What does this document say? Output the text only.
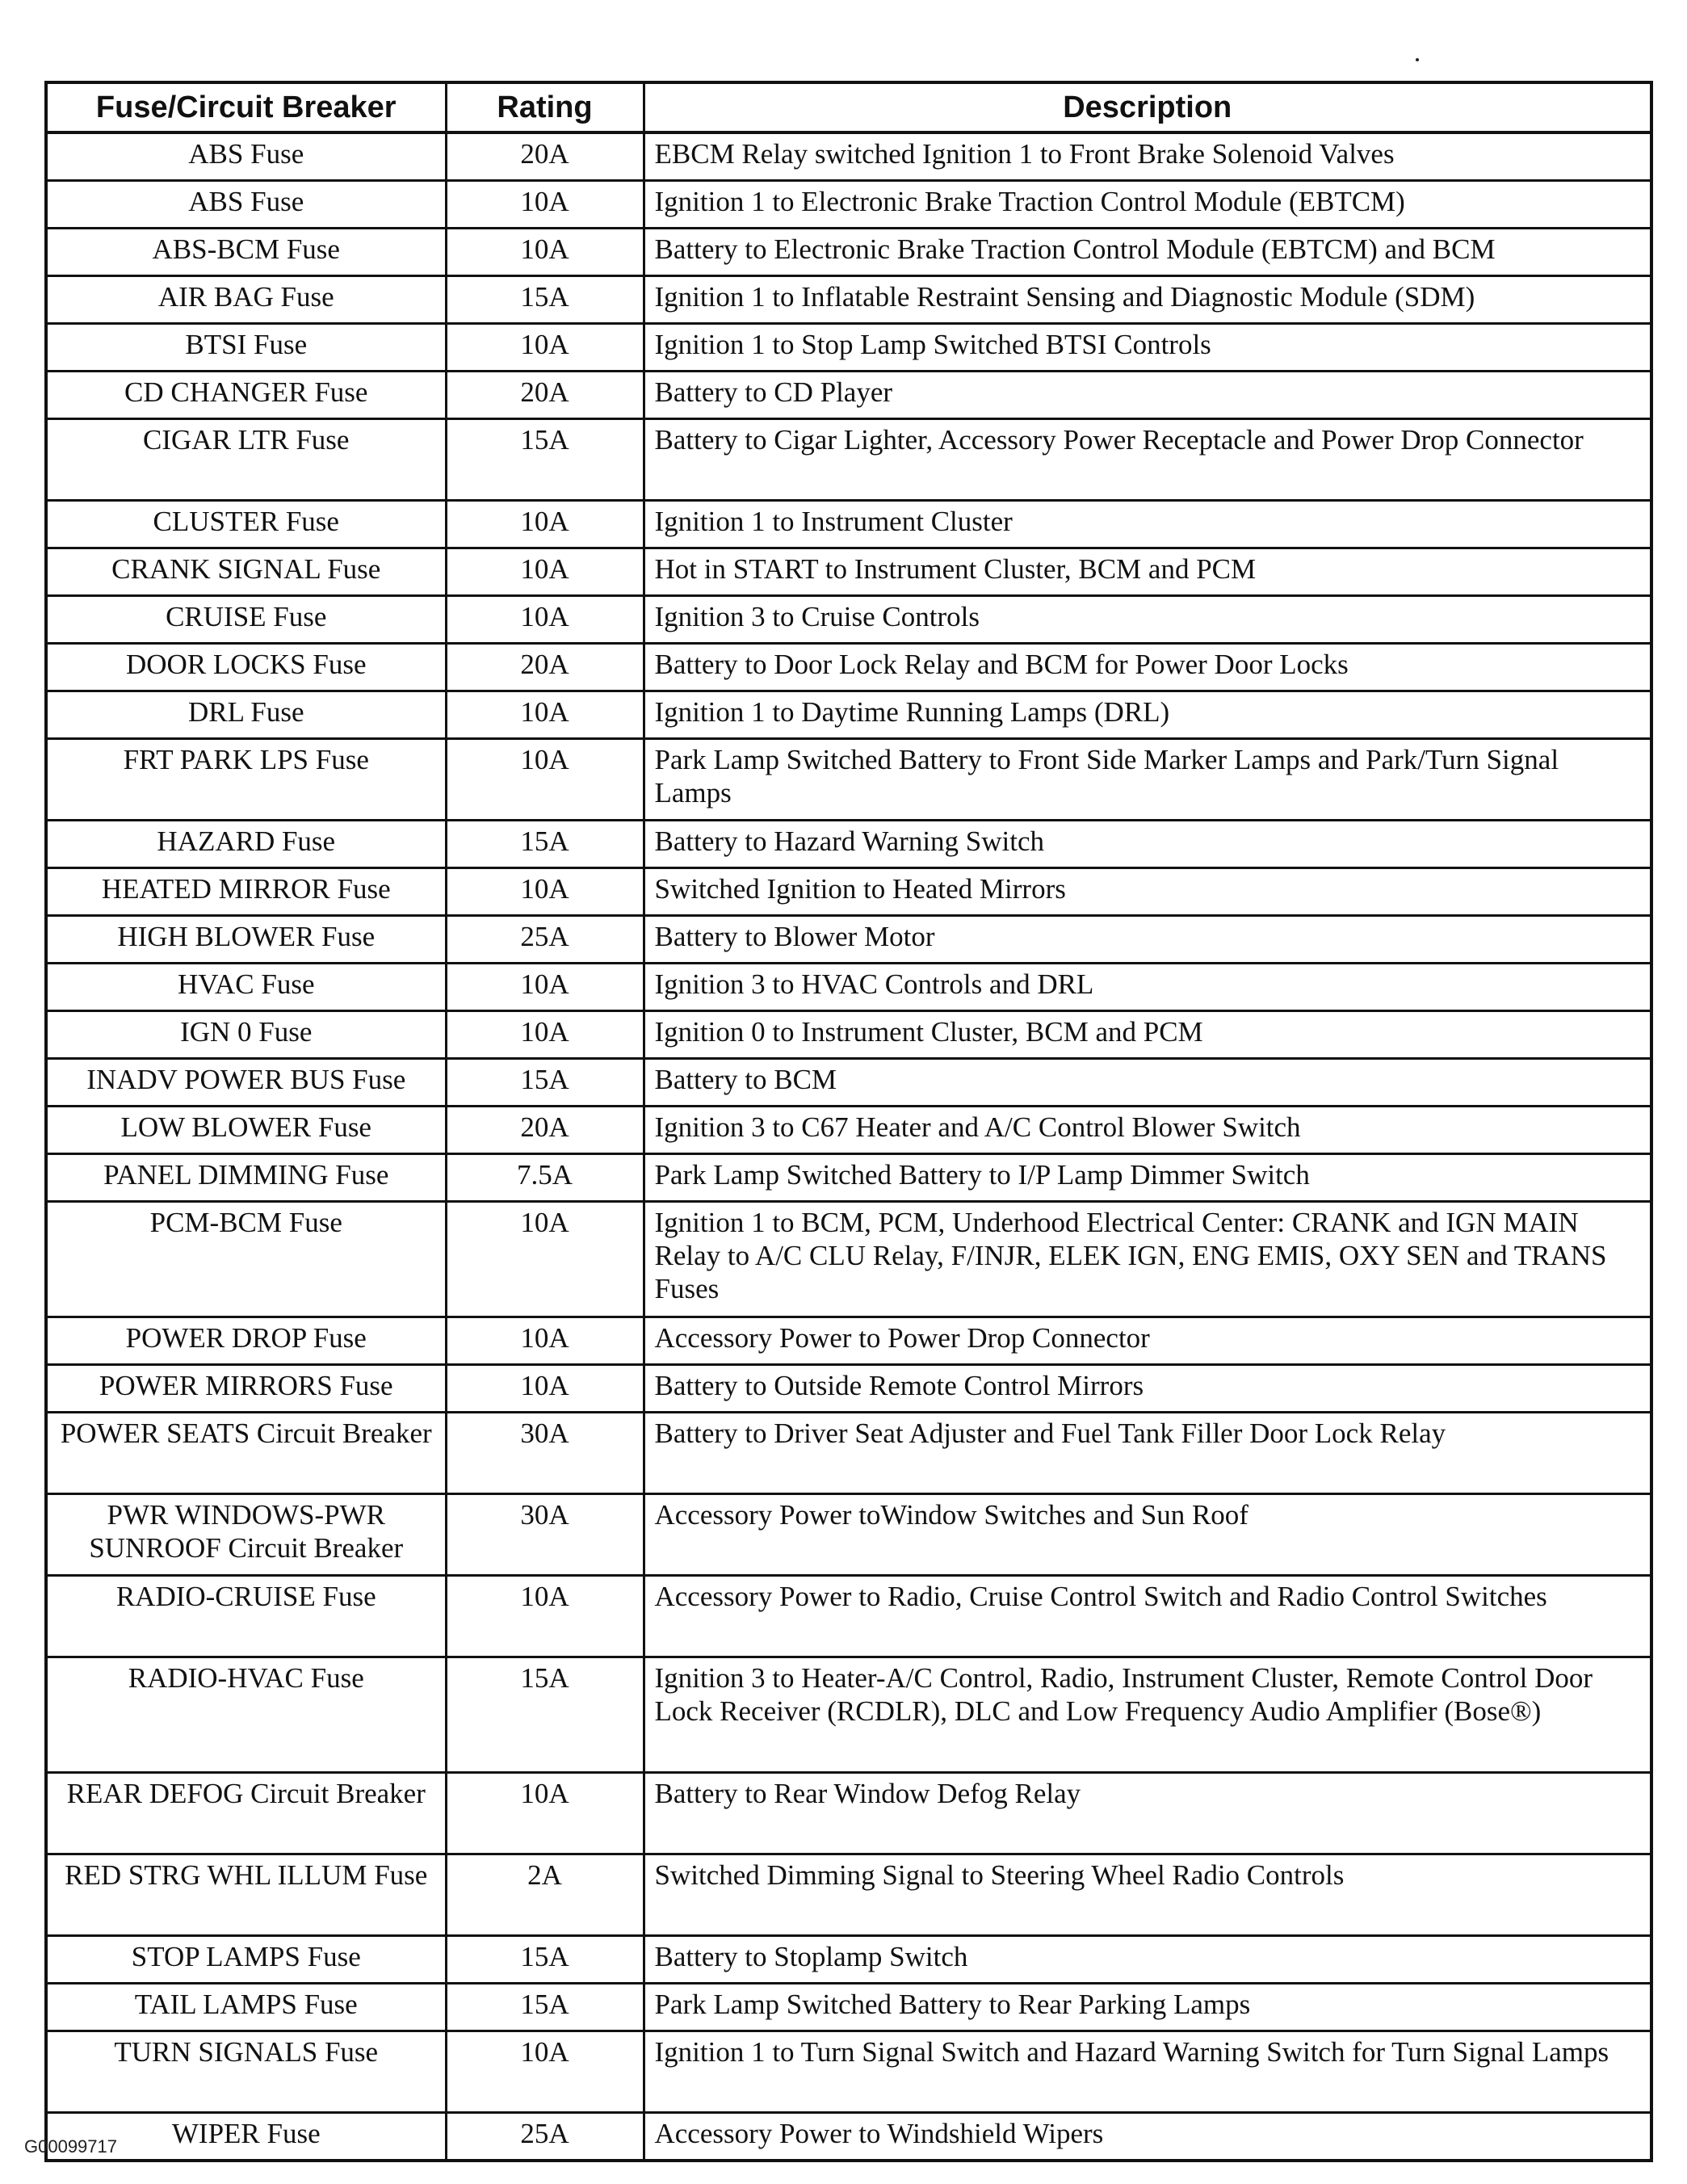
Fuse/Circuit Breaker	Rating	Description
ABS Fuse	20A	EBCM Relay switched Ignition 1 to Front Brake Solenoid Valves
ABS Fuse	10A	Ignition 1 to Electronic Brake Traction Control Module (EBTCM)
ABS-BCM Fuse	10A	Battery to Electronic Brake Traction Control Module (EBTCM) and BCM
AIR BAG Fuse	15A	Ignition 1 to Inflatable Restraint Sensing and Diagnostic Module (SDM)
BTSI Fuse	10A	Ignition 1 to Stop Lamp Switched BTSI Controls
CD CHANGER Fuse	20A	Battery to CD Player
CIGAR LTR Fuse	15A	Battery to Cigar Lighter, Accessory Power Receptacle and Power Drop Connector
CLUSTER Fuse	10A	Ignition 1 to Instrument Cluster
CRANK SIGNAL Fuse	10A	Hot in START to Instrument Cluster, BCM and PCM
CRUISE Fuse	10A	Ignition 3 to Cruise Controls
DOOR LOCKS Fuse	20A	Battery to Door Lock Relay and BCM for Power Door Locks
DRL Fuse	10A	Ignition 1 to Daytime Running Lamps (DRL)
FRT PARK LPS Fuse	10A	Park Lamp Switched Battery to Front Side Marker Lamps and Park/Turn Signal Lamps
HAZARD Fuse	15A	Battery to Hazard Warning Switch
HEATED MIRROR Fuse	10A	Switched Ignition to Heated Mirrors
HIGH BLOWER Fuse	25A	Battery to Blower Motor
HVAC Fuse	10A	Ignition 3 to HVAC Controls and DRL
IGN 0 Fuse	10A	Ignition 0 to Instrument Cluster, BCM and PCM
INADV POWER BUS Fuse	15A	Battery to BCM
LOW BLOWER Fuse	20A	Ignition 3 to C67 Heater and A/C Control Blower Switch
PANEL DIMMING Fuse	7.5A	Park Lamp Switched Battery to I/P Lamp Dimmer Switch
PCM-BCM Fuse	10A	Ignition 1 to BCM, PCM, Underhood Electrical Center: CRANK and IGN MAIN Relay to A/C CLU Relay, F/INJR, ELEK IGN, ENG EMIS, OXY SEN and TRANS Fuses
POWER DROP Fuse	10A	Accessory Power to Power Drop Connector
POWER MIRRORS Fuse	10A	Battery to Outside Remote Control Mirrors
POWER SEATS Circuit Breaker	30A	Battery to Driver Seat Adjuster and Fuel Tank Filler Door Lock Relay
PWR WINDOWS-PWR SUNROOF Circuit Breaker	30A	Accessory Power toWindow Switches and Sun Roof
RADIO-CRUISE Fuse	10A	Accessory Power to Radio, Cruise Control Switch and Radio Control Switches
RADIO-HVAC Fuse	15A	Ignition 3 to Heater-A/C Control, Radio, Instrument Cluster, Remote Control Door Lock Receiver (RCDLR), DLC and Low Frequency Audio Amplifier (Bose®)
REAR DEFOG Circuit Breaker	10A	Battery to Rear Window Defog Relay
RED STRG WHL ILLUM Fuse	2A	Switched Dimming Signal to Steering Wheel Radio Controls
STOP LAMPS Fuse	15A	Battery to Stoplamp Switch
TAIL LAMPS Fuse	15A	Park Lamp Switched Battery to Rear Parking Lamps
TURN SIGNALS Fuse	10A	Ignition 1 to Turn Signal Switch and Hazard Warning Switch for Turn Signal Lamps
WIPER Fuse	25A	Accessory Power to Windshield Wipers
G00099717
